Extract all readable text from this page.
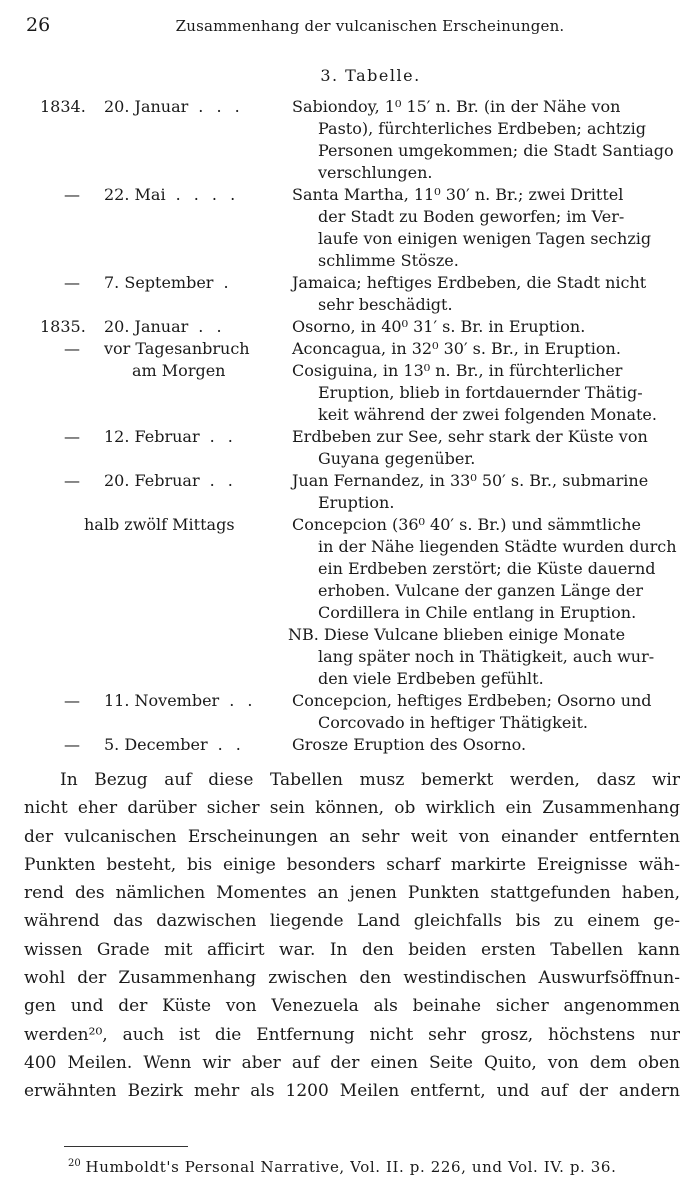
26	Zusammenhang der vulcanischen Erscheinungen.
3. Tabelle.
1834. 20. Januar . . .	Sabiondoy, 1⁰ 15′ n. Br. (in der Nähe von
Pasto), fürchterliches Erdbeben; achtzig
Personen umgekommen; die Stadt Santiago
verschlungen.
— 22. Mai . . . .	Santa Martha, 11⁰ 30′ n. Br.; zwei Drittel
der Stadt zu Boden geworfen; im Ver-
laufe von einigen wenigen Tagen sechzig
schlimme Stösze.
— 7. September .	Jamaica; heftiges Erdbeben, die Stadt nicht
sehr beschädigt.
1835. 20. Januar . .	Osorno, in 40⁰ 31′ s. Br. in Eruption.
— vor Tagesanbruch	Aconcagua, in 32⁰ 30′ s. Br., in Eruption.
am Morgen	Cosiguina, in 13⁰ n. Br., in fürchterlicher
Eruption, blieb in fortdauernder Thätig-
keit während der zwei folgenden Monate.
— 12. Februar . .	Erdbeben zur See, sehr stark der Küste von
Guyana gegenüber.
— 20. Februar . .	Juan Fernandez, in 33⁰ 50′ s. Br., submarine
Eruption.
halb zwölf Mittags	Concepcion (36⁰ 40′ s. Br.) und sämmtliche
in der Nähe liegenden Städte wurden durch
ein Erdbeben zerstört; die Küste dauernd
erhoben. Vulcane der ganzen Länge der
Cordillera in Chile entlang in Eruption.
NB. Diese Vulcane blieben einige Monate
lang später noch in Thätigkeit, auch wur-
den viele Erdbeben gefühlt.
— 11. November . .	Concepcion, heftiges Erdbeben; Osorno und
Corcovado in heftiger Thätigkeit.
— 5. December . .	Grosze Eruption des Osorno.
In Bezug auf diese Tabellen musz bemerkt werden, dasz wir
nicht eher darüber sicher sein können, ob wirklich ein Zusammenhang
der vulcanischen Erscheinungen an sehr weit von einander entfernten
Punkten besteht, bis einige besonders scharf markirte Ereignisse wäh-
rend des nämlichen Momentes an jenen Punkten stattgefunden haben,
während das dazwischen liegende Land gleichfalls bis zu einem ge-
wissen Grade mit afficirt war. In den beiden ersten Tabellen kann
wohl der Zusammenhang zwischen den westindischen Auswurfsöffnun-
gen und der Küste von Venezuela als beinahe sicher angenommen
werden²⁰, auch ist die Entfernung nicht sehr grosz, höchstens nur
400 Meilen. Wenn wir aber auf der einen Seite Quito, von dem oben
erwähnten Bezirk mehr als 1200 Meilen entfernt, und auf der andern
$^{20}$ Humboldt's Personal Narrative, Vol. II. p. 226, und Vol. IV. p. 36.
